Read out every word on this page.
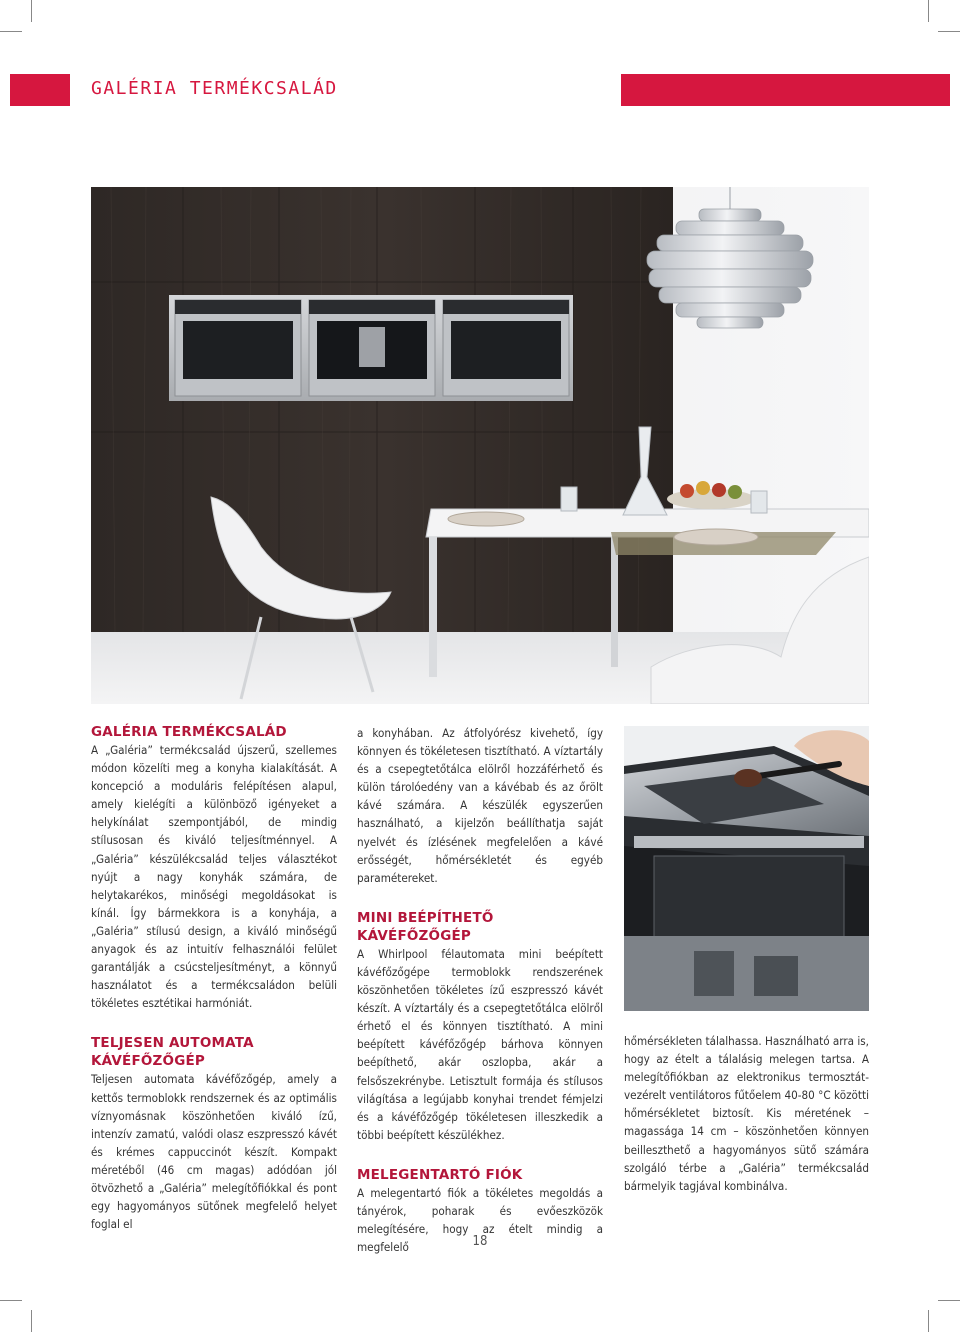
GALÉRIA TERMÉKCSALÁD
GALÉRIA TERMÉKCSALÁD

A „Galéria” termékcsalád újszerű, szellemes módon közelíti meg a konyha kialakítását. A koncepció a moduláris felépítésen alapul, amely kielégíti a különböző igényeket a helykínálat szempontjából, de mindig stílusosan és kiváló teljesítménnyel. A „Galéria” készülékcsalád teljes választékot nyújt a nagy konyhák számára, de helytakarékos, minőségi megoldásokat is kínál. Így bármekkora is a konyhája, a „Galéria” stílusú design, a kiváló minőségű anyagok és az intuitív felhasználói felület garantálják a csúcsteljesítményt, a könnyű használatot és a termékcsaládon belüli tökéletes esztétikai harmóniát.

TELJESEN AUTOMATA KÁVÉFŐZŐGÉP

Teljesen automata kávéfőzőgép, amely a kettős termoblokk rendszernek és az optimális víznyomásnak köszönhetően kiváló ízű, intenzív zamatú, valódi olasz eszpresszó kávét és krémes cappuccinót készít. Kompakt méretéből (46 cm magas) adódóan jól ötvözhető a „Galéria” melegítőfiókkal és pont egy hagyományos sütőnek megfelelő helyet foglal el

a konyhában. Az átfolyórész kivehető, így könnyen és tökéletesen tisztítható. A víztartály és a csepegtetőtálca elölről hozzáférhető és külön tárolóedény van a kávébab és az őrölt kávé számára. A készülék egyszerűen használható, a kijelzőn beállíthatja saját nyelvét és ízlésének megfelelően a kávé erősségét, hőmérsékletét és egyéb paramétereket.

MINI BEÉPÍTHETŐ KÁVÉFŐZŐGÉP

A Whirlpool félautomata mini beépített kávéfőzőgépe termoblokk rendszerének köszönhetően tökéletes ízű eszpresszó kávét készít. A víztartály és a csepegtetőtálca elölről érhető el és könnyen tisztítható. A mini beépített kávéfőzőgép bárhova könnyen beépíthető, akár oszlopba, akár a felsőszekrénybe. Letisztult formája és stílusos világítása a legújabb konyhai trendet fémjelzi és a kávéfőzőgép tökéletesen illeszkedik a többi beépített készülékhez.

MELEGENTARTÓ FIÓK

A melegentartó fiók a tökéletes megoldás a tányérok, poharak és evőeszközök melegítésére, hogy az ételt mindig a megfelelő

hőmérsékleten tálalhassa. Használható arra is, hogy az ételt a tálalásig melegen tartsa. A melegítőfiókban az elektronikus termosztát-vezérelt ventilátoros fűtőelem 40-80 °C közötti hőmérsékletet biztosít. Kis méretének – magassága 14 cm – köszönhetően könnyen beilleszthető a hagyományos sütő számára szolgáló térbe a „Galéria” termékcsalád bármelyik tagjával kombinálva.

18
